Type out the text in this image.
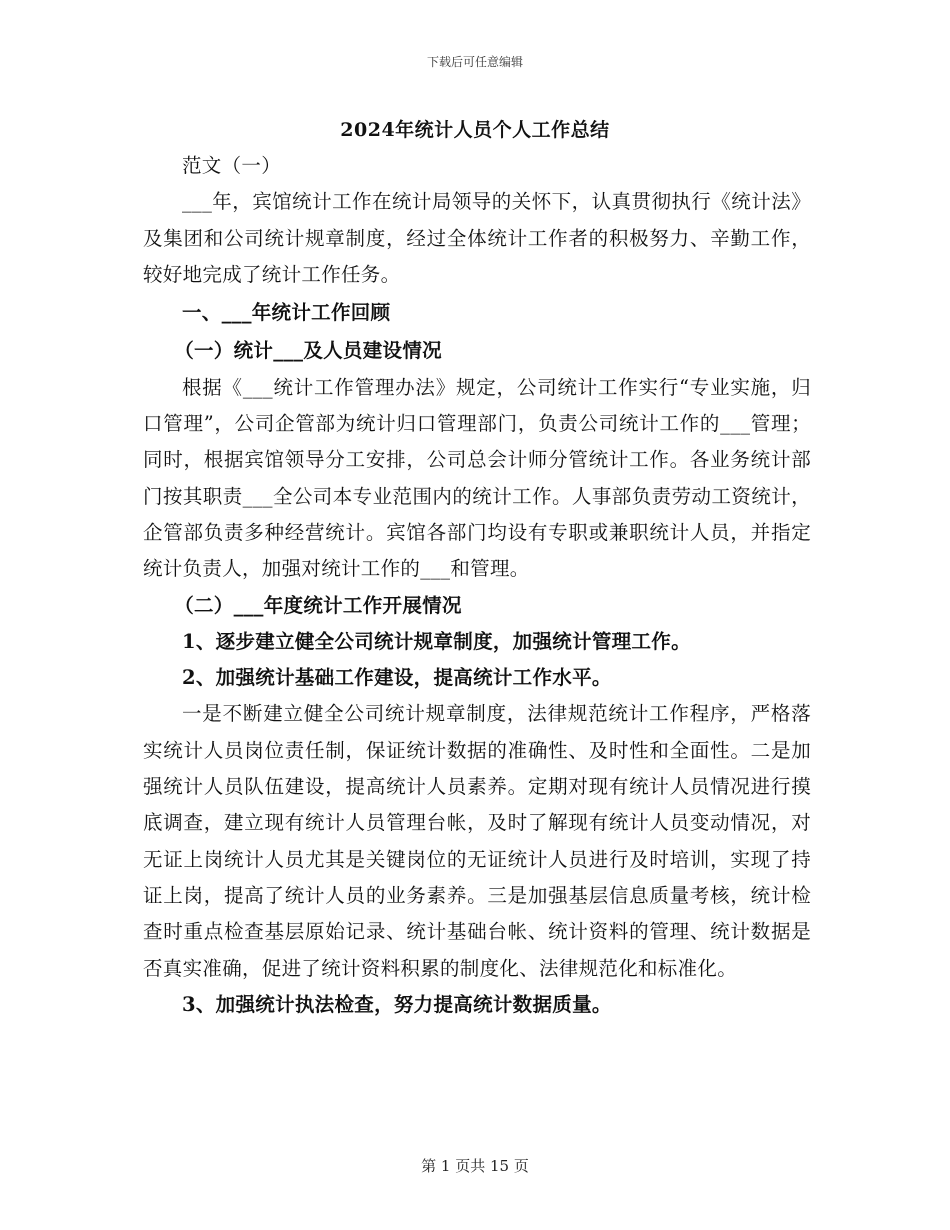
下载后可任意编辑
2024年统计人员个人工作总结

范文（一）

___年，宾馆统计工作在统计局领导的关怀下，认真贯彻执行《统计法》及集团和公司统计规章制度，经过全体统计工作者的积极努力、辛勤工作，较好地完成了统计工作任务。

一、___年统计工作回顾

（一）统计___及人员建设情况

根据《___统计工作管理办法》规定，公司统计工作实行“专业实施，归口管理”，公司企管部为统计归口管理部门，负责公司统计工作的___管理；同时，根据宾馆领导分工安排，公司总会计师分管统计工作。各业务统计部门按其职责___全公司本专业范围内的统计工作。人事部负责劳动工资统计，企管部负责多种经营统计。宾馆各部门均设有专职或兼职统计人员，并指定统计负责人，加强对统计工作的___和管理。

（二）___年度统计工作开展情况

1、逐步建立健全公司统计规章制度，加强统计管理工作。

2、加强统计基础工作建设，提高统计工作水平。

一是不断建立健全公司统计规章制度，法律规范统计工作程序，严格落实统计人员岗位责任制，保证统计数据的准确性、及时性和全面性。二是加强统计人员队伍建设，提高统计人员素养。定期对现有统计人员情况进行摸底调查，建立现有统计人员管理台帐，及时了解现有统计人员变动情况，对无证上岗统计人员尤其是关键岗位的无证统计人员进行及时培训，实现了持证上岗，提高了统计人员的业务素养。三是加强基层信息质量考核，统计检查时重点检查基层原始记录、统计基础台帐、统计资料的管理、统计数据是否真实准确，促进了统计资料积累的制度化、法律规范化和标准化。

3、加强统计执法检查，努力提高统计数据质量。

第 1 页共 15 页
